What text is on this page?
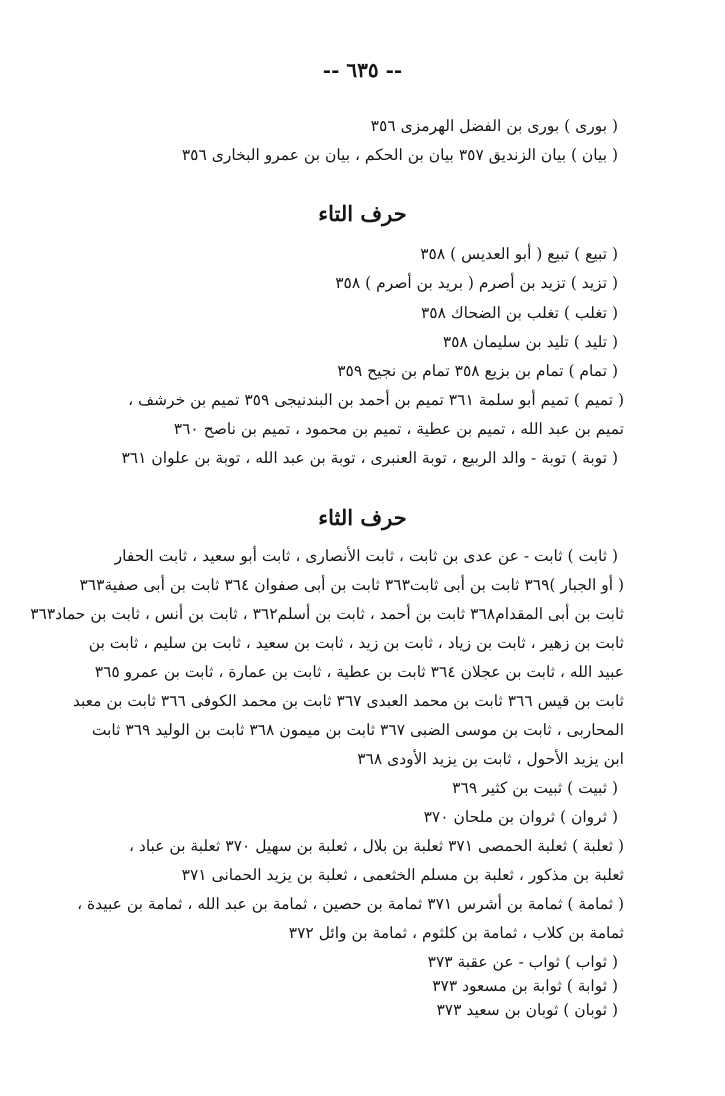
-- ٦٣٥ --
( بورى ) بورى بن الفضل الهرمزى ٣٥٦
( بيان ) بيان الزنديق ٣٥٧ بيان بن الحكم ، بيان بن عمرو البخارى ٣٥٦
حرف التاء
( تبيع ) تبيع ( أبو العديس ) ٣٥٨
( تزيد ) تزيد بن أصرم ( بريد بن أصرم ) ٣٥٨
( تغلب ) تغلب بن الضحاك ٣٥٨
( تليد ) تليد بن سليمان ٣٥٨
( تمام ) تمام بن بزيع ٣٥٨ تمام بن نجيح ٣٥٩
( تميم ) تميم أبو سلمة ٣٦١ تميم بن أحمد بن البندنيجى ٣٥٩ تميم بن خرشف ،
تميم بن عبد الله ، تميم بن عطية ، تميم بن محمود ، تميم بن ناصح ٣٦٠
( توبة ) توبة - والد الربيع ، توبة العنبرى ، توبة بن عبد الله ، توبة بن علوان ٣٦١
حرف الثاء
( ثابت ) ثابت - عن عدى بن ثابت ، ثابت الأنصارى ، ثابت أبو سعيد ، ثابت الحفار
( أو الجبار )٣٦٩ ثابت بن أبى ثابت٣٦٣ ثابت بن أبى صفوان ٣٦٤ ثابت بن أبى صفية٣٦٣
ثابت بن أبى المقدام٣٦٨ ثابت بن أحمد ، ثابت بن أسلم٣٦٢ ، ثابت بن أنس ، ثابت بن حماد٣٦٣
ثابت بن زهير ، ثابت بن زياد ، ثابت بن زيد ، ثابت بن سعيد ، ثابت بن سليم ، ثابت بن
عبيد الله ، ثابت بن عجلان ٣٦٤ ثابت بن عطية ، ثابت بن عمارة ، ثابت بن عمرو ٣٦٥
ثابت بن قيس ٣٦٦ ثابت بن محمد العبدى ٣٦٧ ثابت بن محمد الكوفى ٣٦٦ ثابت بن معبد
المحاربى ، ثابت بن موسى الضبى ٣٦٧ ثابت بن ميمون ٣٦٨ ثابت بن الوليد ٣٦٩ ثابت
ابن يزيد الأحول ، ثابت بن يزيد الأودى ٣٦٨
( ثبيت ) ثبيت بن كثير ٣٦٩
( ثروان ) ثروان بن ملحان ٣٧٠
( ثعلبة ) ثعلبة الحمصى ٣٧١ ثعلبة بن بلال ، ثعلبة بن سهيل ٣٧٠ ثعلبة بن عباد ،
ثعلبة بن مذكور ، ثعلبة بن مسلم الخثعمى ، ثعلبة بن يزيد الحمانى ٣٧١
( ثمامة ) ثمامة بن أشرس ٣٧١ ثمامة بن حصين ، ثمامة بن عبد الله ، ثمامة بن عبيدة ،
ثمامة بن كلاب ، ثمامة بن كلثوم ، ثمامة بن وائل ٣٧٢
( ثواب ) ثواب - عن عقبة ٣٧٣
( ثوابة ) ثوابة بن مسعود ٣٧٣
( ثوبان ) ثوبان بن سعيد ٣٧٣
